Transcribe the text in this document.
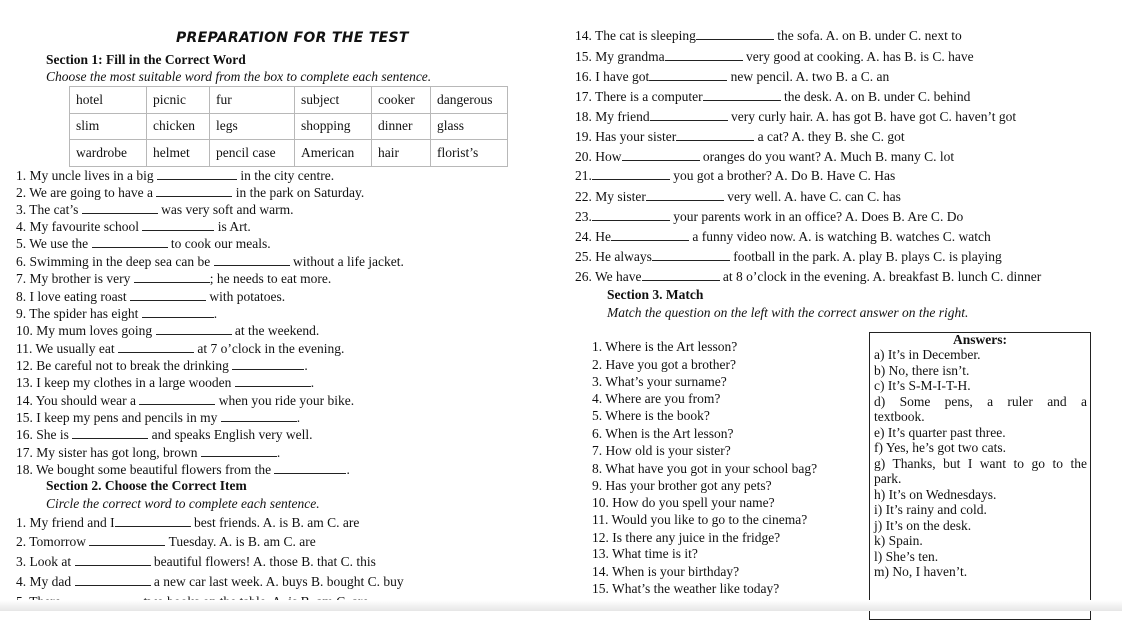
PREPARATION FOR THE TEST
Section 1: Fill in the Correct Word
Choose the most suitable word from the box to complete each sentence.
hotel	picnic	fur	subject	cooker	dangerous
slim	chicken	legs	shopping	dinner	glass
wardrobe	helmet	pencil case	American	hair	florist’s
1. My uncle lives in a big	in the city centre.
2. We are going to have a	in the park on Saturday.
3. The cat’s	was very soft and warm.
4. My favourite school	is Art.
5. We use the	to cook our meals.
6. Swimming in the deep sea can be	without a life jacket.
7. My brother is very	; he needs to eat more.
8. I love eating roast	with potatoes.
9. The spider has eight	.
10. My mum loves going	at the weekend.
11. We usually eat	at 7 o’clock in the evening.
12. Be careful not to break the drinking	.
13. I keep my clothes in a large wooden	.
14. You should wear a	when you ride your bike.
15. I keep my pens and pencils in my	.
16. She is	and speaks English very well.
17. My sister has got long, brown	.
18. We bought some beautiful flowers from the	.
Section 2. Choose the Correct Item
Circle the correct word to complete each sentence.
1. My friend and I	best friends. A. is B. am C. are
2. Tomorrow	Tuesday. A. is B. am C. are
3. Look at	beautiful flowers! A. those B. that C. this
4. My dad	a new car last week. A. buys B. bought C. buy
14. The cat is sleeping	the sofa. A. on B. under C. next to
15. My grandma	very good at cooking. A. has B. is C. have
16. I have got	new pencil. A. two B. a C. an
17. There is a computer	the desk. A. on B. under C. behind
18. My friend	very curly hair. A. has got B. have got C. haven’t got
19. Has your sister	a cat? A. they B. she C. got
20. How	oranges do you want? A. Much B. many C. lot
21.	you got a brother? A. Do B. Have C. Has
22. My sister	very well. A. have C. can C. has
23.	your parents work in an office? A. Does B. Are C. Do
24. He	a funny video now. A. is watching B. watches C. watch
25. He always	football in the park. A. play B. plays C. is playing
26. We have	at 8 o’clock in the evening. A. breakfast B. lunch C. dinner
Section 3. Match
Match the question on the left with the correct answer on the right.
1. Where is the Art lesson?
2. Have you got a brother?
3. What’s your surname?
4. Where are you from?
5. Where is the book?
6. When is the Art lesson?
7. How old is your sister?
8. What have you got in your school bag?
9. Has your brother got any pets?
10. How do you spell your name?
11. Would you like to go to the cinema?
12. Is there any juice in the fridge?
13. What time is it?
14. When is your birthday?
15. What’s the weather like today?
Answers:
a) It’s in December.
b) No, there isn’t.
c) It’s S-M-I-T-H.
d) Some pens, a ruler and a
textbook.
e) It’s quarter past three.
f) Yes, he’s got two cats.
g) Thanks, but I want to go to the
park.
h) It’s on Wednesdays.
i) It’s rainy and cold.
j) It’s on the desk.
k) Spain.
l) She’s ten.
m) No, I haven’t.
